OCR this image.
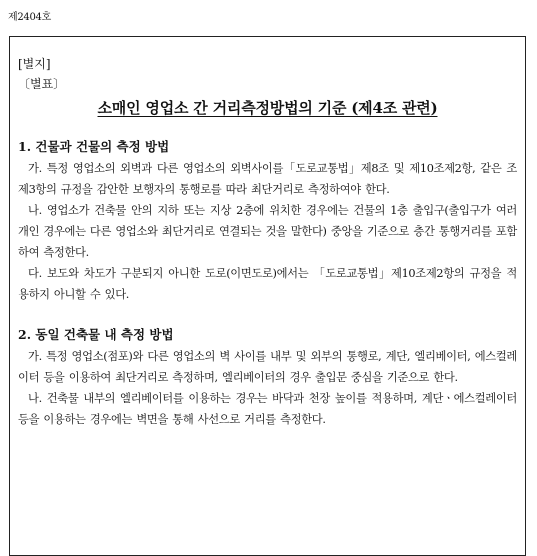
제2404호
[별지]
〔별표〕
소매인 영업소 간 거리측정방법의 기준 (제4조 관련)
1. 건물과 건물의 측정 방법
가. 특정 영업소의 외벽과 다른 영업소의 외벽사이를「도로교통법」제8조 및 제10조제2항, 같은 조 제3항의 규정을 감안한 보행자의 통행로를 따라 최단거리로 측정하여야 한다.
나. 영업소가 건축물 안의 지하 또는 지상 2층에 위치한 경우에는 건물의 1층 출입구(출입구가 여러 개인 경우에는 다른 영업소와 최단거리로 연결되는 것을 말한다) 중앙을 기준으로 층간 통행거리를 포함하여 측정한다.
다. 보도와 차도가 구분되지 아니한 도로(이면도로)에서는 「도로교통법」제10조제2항의 규정을 적용하지 아니할 수 있다.
2. 동일 건축물 내 측정 방법
가. 특정 영업소(점포)와 다른 영업소의 벽 사이를 내부 및 외부의 통행로, 계단, 엘리베이터, 에스컬레이터 등을 이용하여 최단거리로 측정하며, 엘리베이터의 경우 출입문 중심을 기준으로 한다.
나. 건축물 내부의 엘리베이터를 이용하는 경우는 바닥과 천장 높이를 적용하며, 계단ㆍ에스컬레이터 등을 이용하는 경우에는 벽면을 통해 사선으로 거리를 측정한다.
